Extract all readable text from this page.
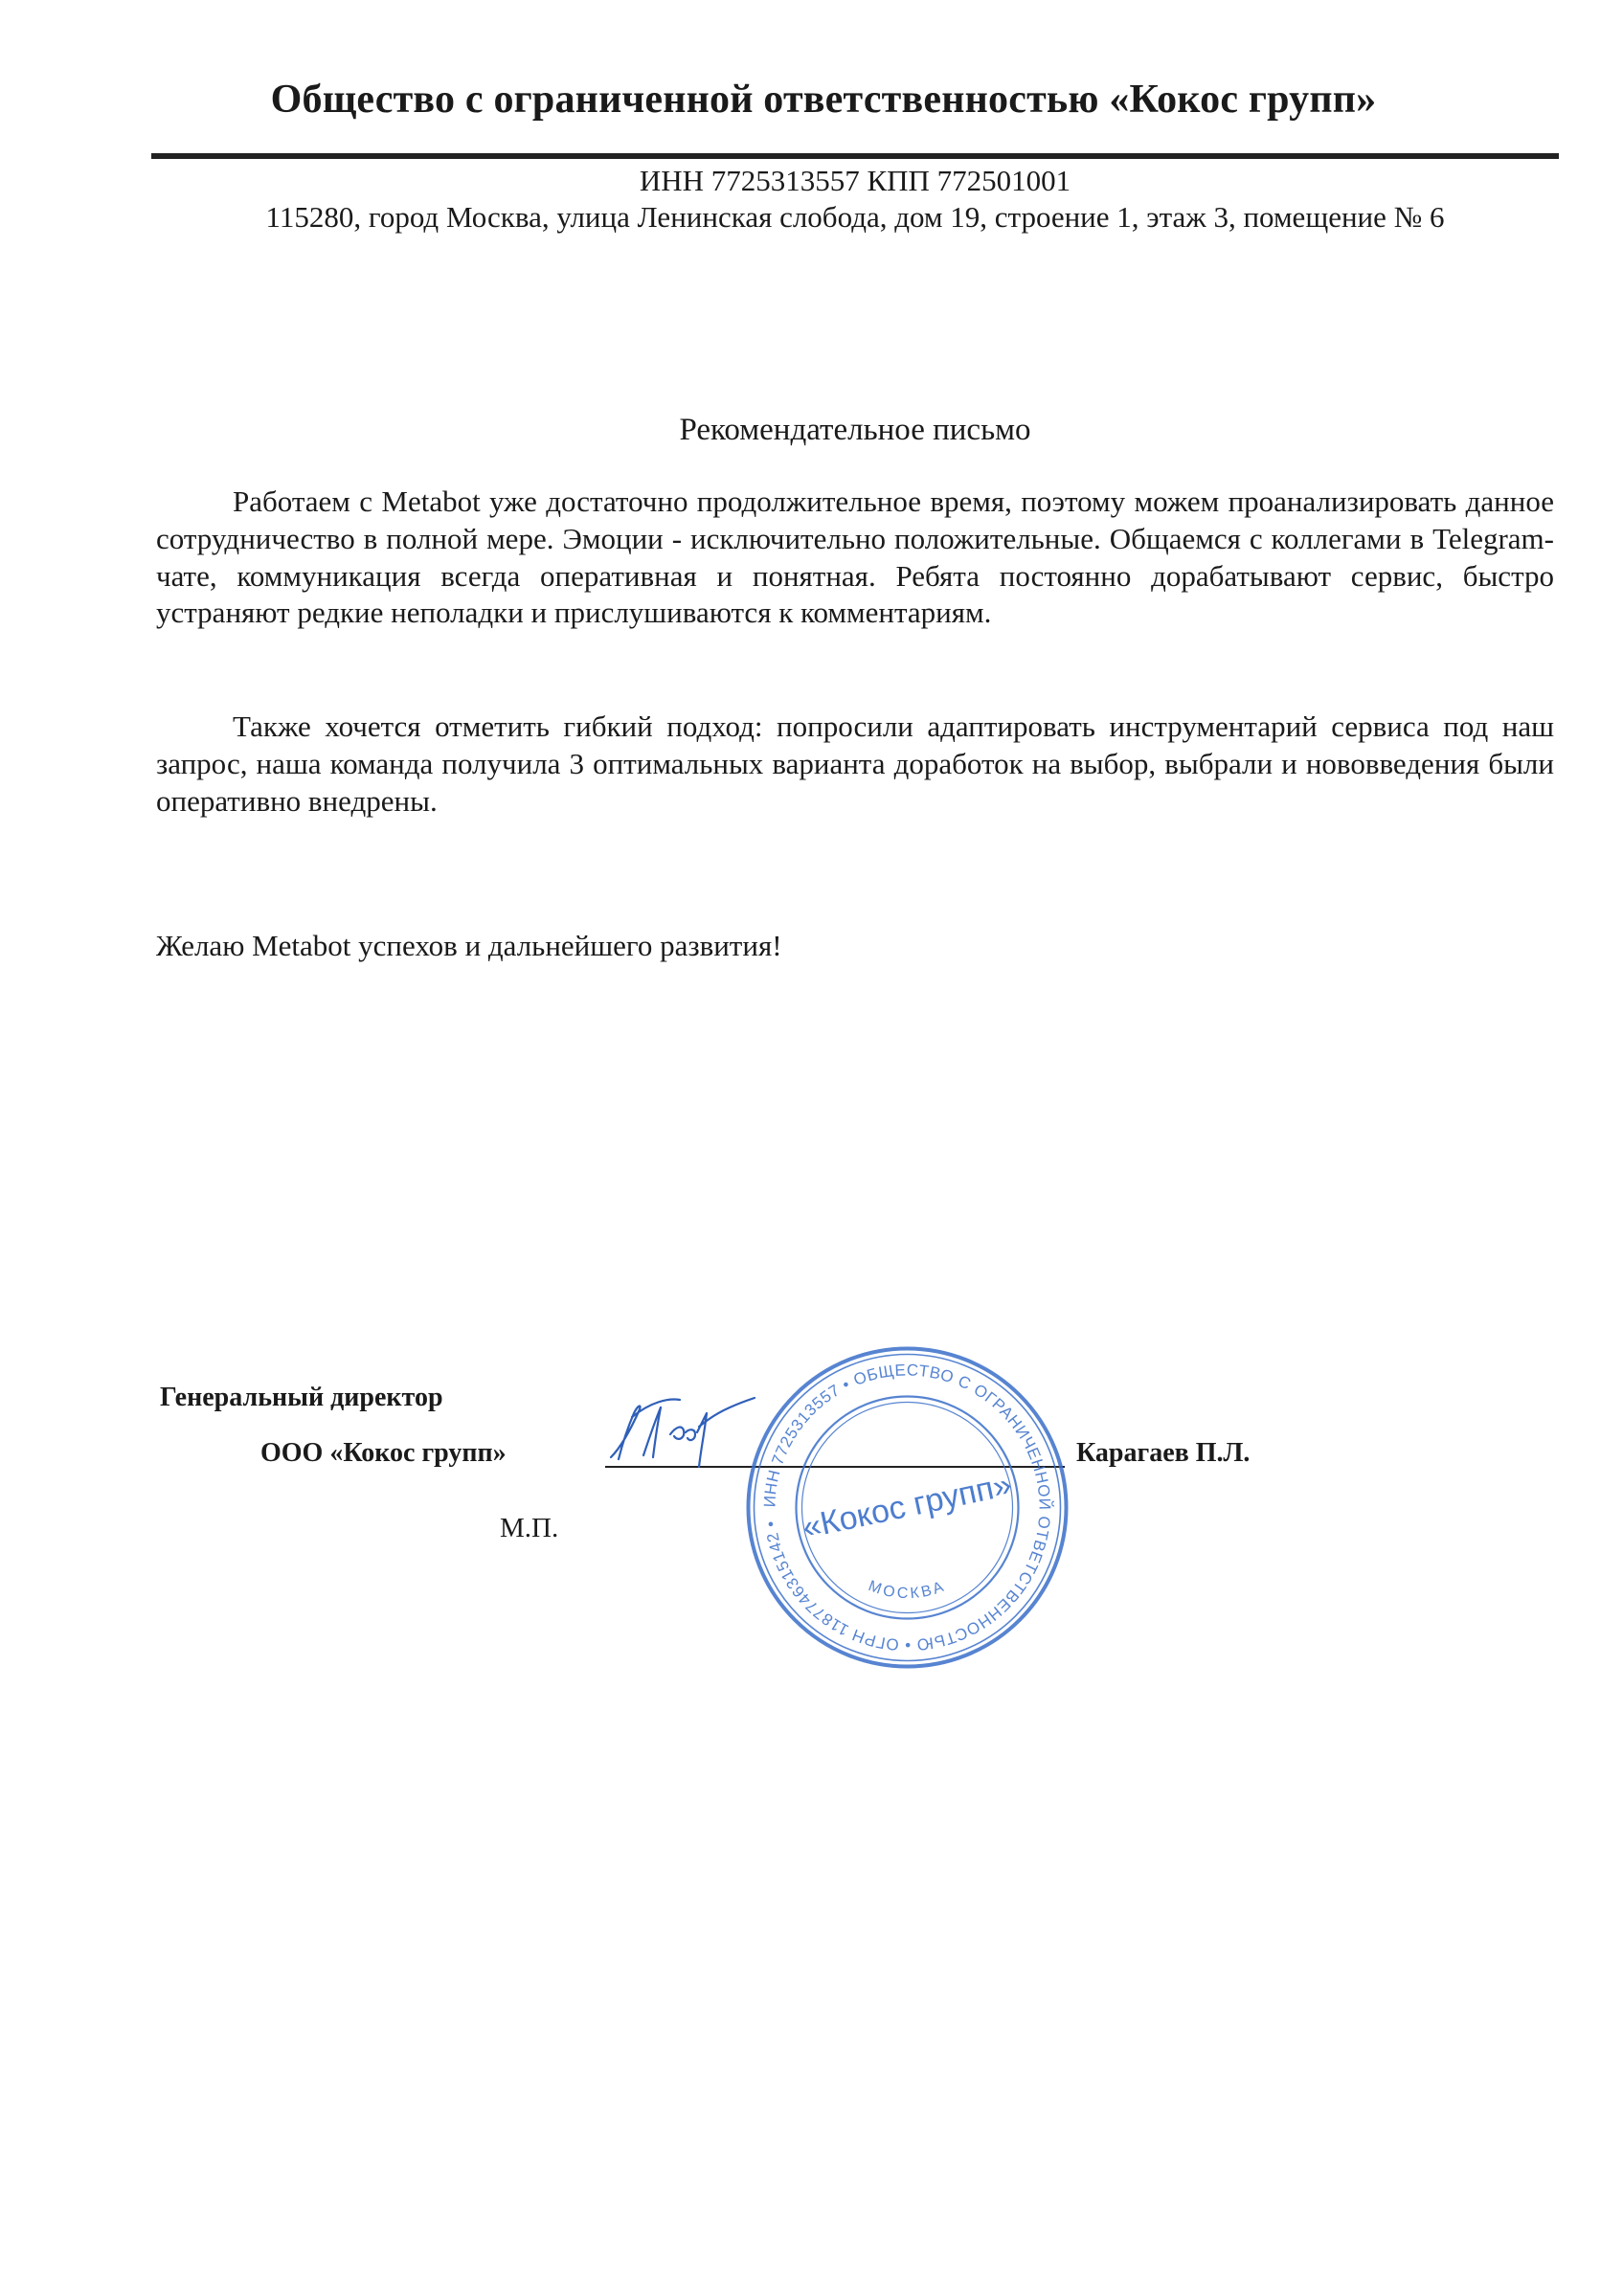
Общество с ограниченной ответственностью «Кокос групп»
ИНН 7725313557 КПП 772501001
115280, город Москва, улица Ленинская слобода, дом 19, строение 1, этаж 3, помещение № 6
Рекомендательное письмо

Работаем с Metabot уже достаточно продолжительное время, поэтому можем проанализировать данное сотрудничество в полной мере. Эмоции - исключительно положительные. Общаемся с коллегами в Telegram-чате, коммуникация всегда оперативная и понятная. Ребята постоянно дорабатывают сервис, быстро устраняют редкие неполадки и прислушиваются к комментариям.

Также хочется отметить гибкий подход: попросили адаптировать инструментарий сервиса под наш запрос, наша команда получила 3 оптимальных варианта доработок на выбор, выбрали и нововведения были оперативно внедрены.

Желаю Metabot успехов и дальнейшего развития!
Генеральный директор
ООО «Кокос групп»	Карагаев П.Л.
М.П.
ИНН 7725313557 • ОБЩЕСТВО С ОГРАНИЧЕННОЙ ОТВЕТСТВЕННОСТЬЮ • ОГРН 1187746315142 • «Кокос групп»
МОСКВА
